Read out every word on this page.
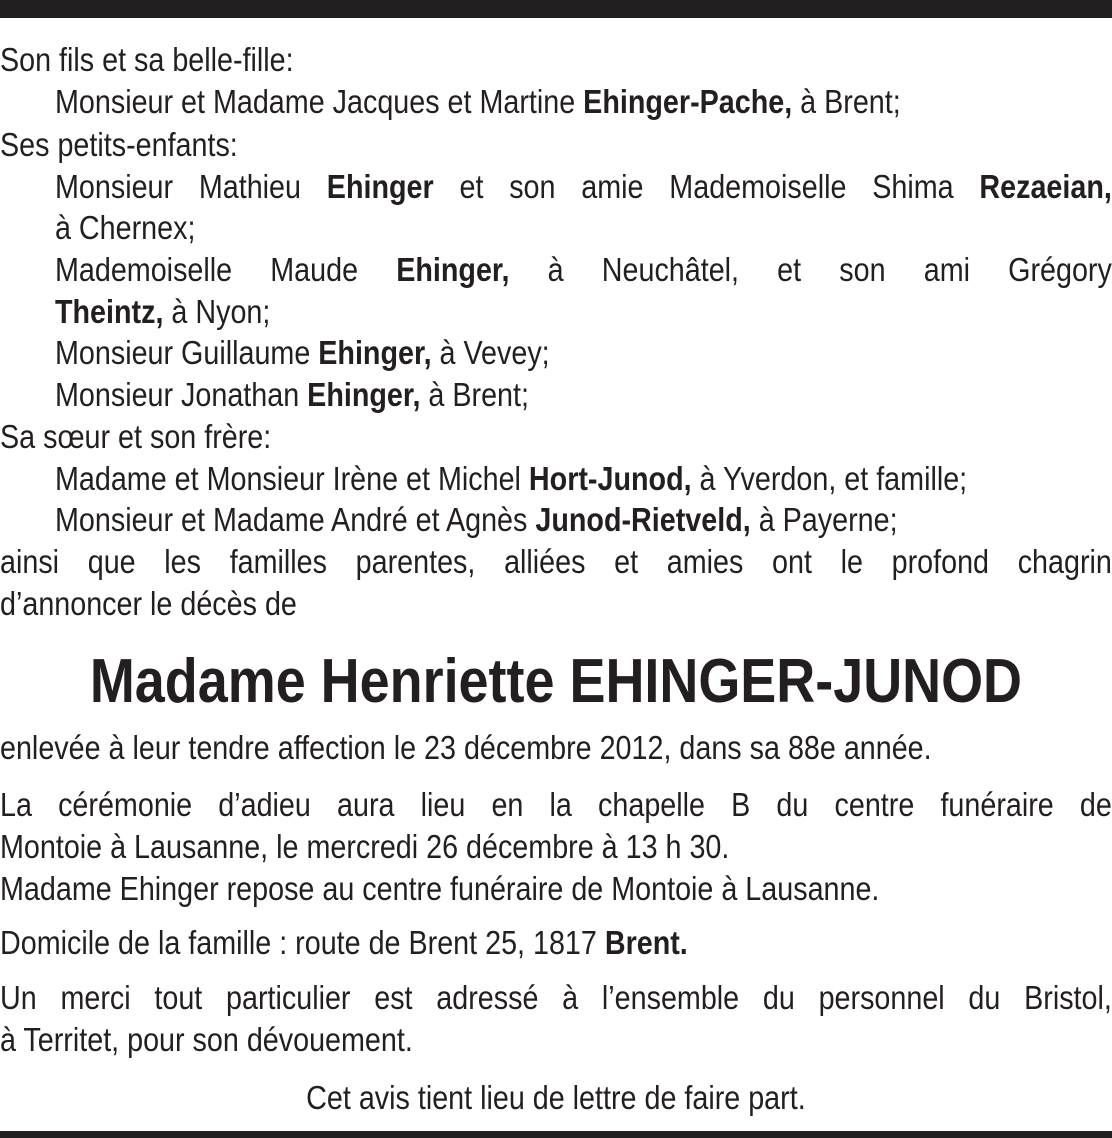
Madame Henriette EHINGER-JUNOD
Son fils et sa belle-fille:
Monsieur et Madame Jacques et Martine Ehinger-Pache, à Brent;
Ses petits-enfants:
Monsieur Mathieu Ehinger et son amie Mademoiselle Shima Rezaeian,
à Chernex;
Mademoiselle Maude Ehinger, à Neuchâtel, et son ami Grégory
Theintz, à Nyon;
Monsieur Guillaume Ehinger, à Vevey;
Monsieur Jonathan Ehinger, à Brent;
Sa sœur et son frère:
Madame et Monsieur Irène et Michel Hort-Junod, à Yverdon, et famille;
Monsieur et Madame André et Agnès Junod-Rietveld, à Payerne;
ainsi que les familles parentes, alliées et amies ont le profond chagrin
d’annoncer le décès de
enlevée à leur tendre affection le 23 décembre 2012, dans sa 88e année.
La cérémonie d’adieu aura lieu en la chapelle B du centre funéraire de
Montoie à Lausanne, le mercredi 26 décembre à 13 h 30.
Madame Ehinger repose au centre funéraire de Montoie à Lausanne.
Domicile de la famille : route de Brent 25, 1817 Brent.
Un merci tout particulier est adressé à l’ensemble du personnel du Bristol,
à Territet, pour son dévouement.
Cet avis tient lieu de lettre de faire part.
